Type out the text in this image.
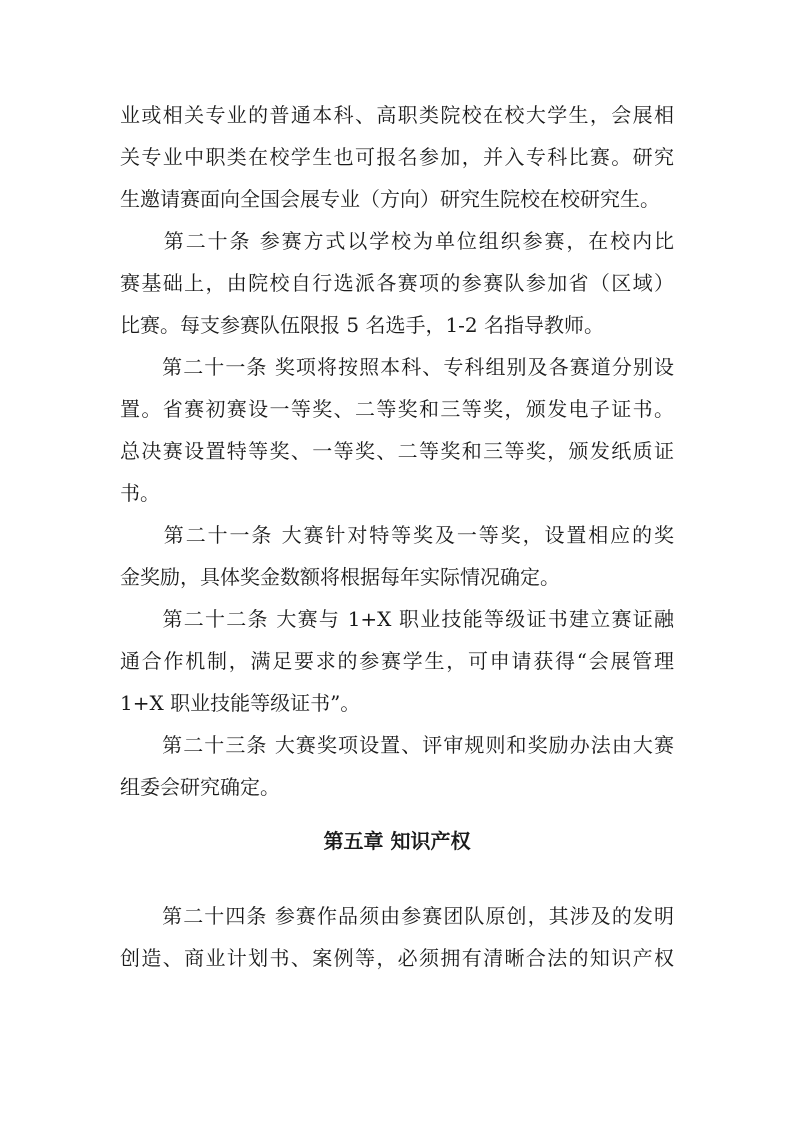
业或相关专业的普通本科、高职类院校在校大学生，会展相
关专业中职类在校学生也可报名参加，并入专科比赛。研究
生邀请赛面向全国会展专业（方向）研究生院校在校研究生。
　　第二十条 参赛方式以学校为单位组织参赛，在校内比
赛基础上，由院校自行选派各赛项的参赛队参加省（区域）
比赛。每支参赛队伍限报 5 名选手，1-2 名指导教师。
　　第二十一条 奖项将按照本科、专科组别及各赛道分别设
置。省赛初赛设一等奖、二等奖和三等奖，颁发电子证书。
总决赛设置特等奖、一等奖、二等奖和三等奖，颁发纸质证
书。
　　第二十一条 大赛针对特等奖及一等奖，设置相应的奖
金奖励，具体奖金数额将根据每年实际情况确定。
　　第二十二条 大赛与 1+X 职业技能等级证书建立赛证融
通合作机制，满足要求的参赛学生，可申请获得“会展管理
1+X 职业技能等级证书”。
　　第二十三条 大赛奖项设置、评审规则和奖励办法由大赛
组委会研究确定。
第五章 知识产权
　　第二十四条 参赛作品须由参赛团队原创，其涉及的发明
创造、商业计划书、案例等，必须拥有清晰合法的知识产权
